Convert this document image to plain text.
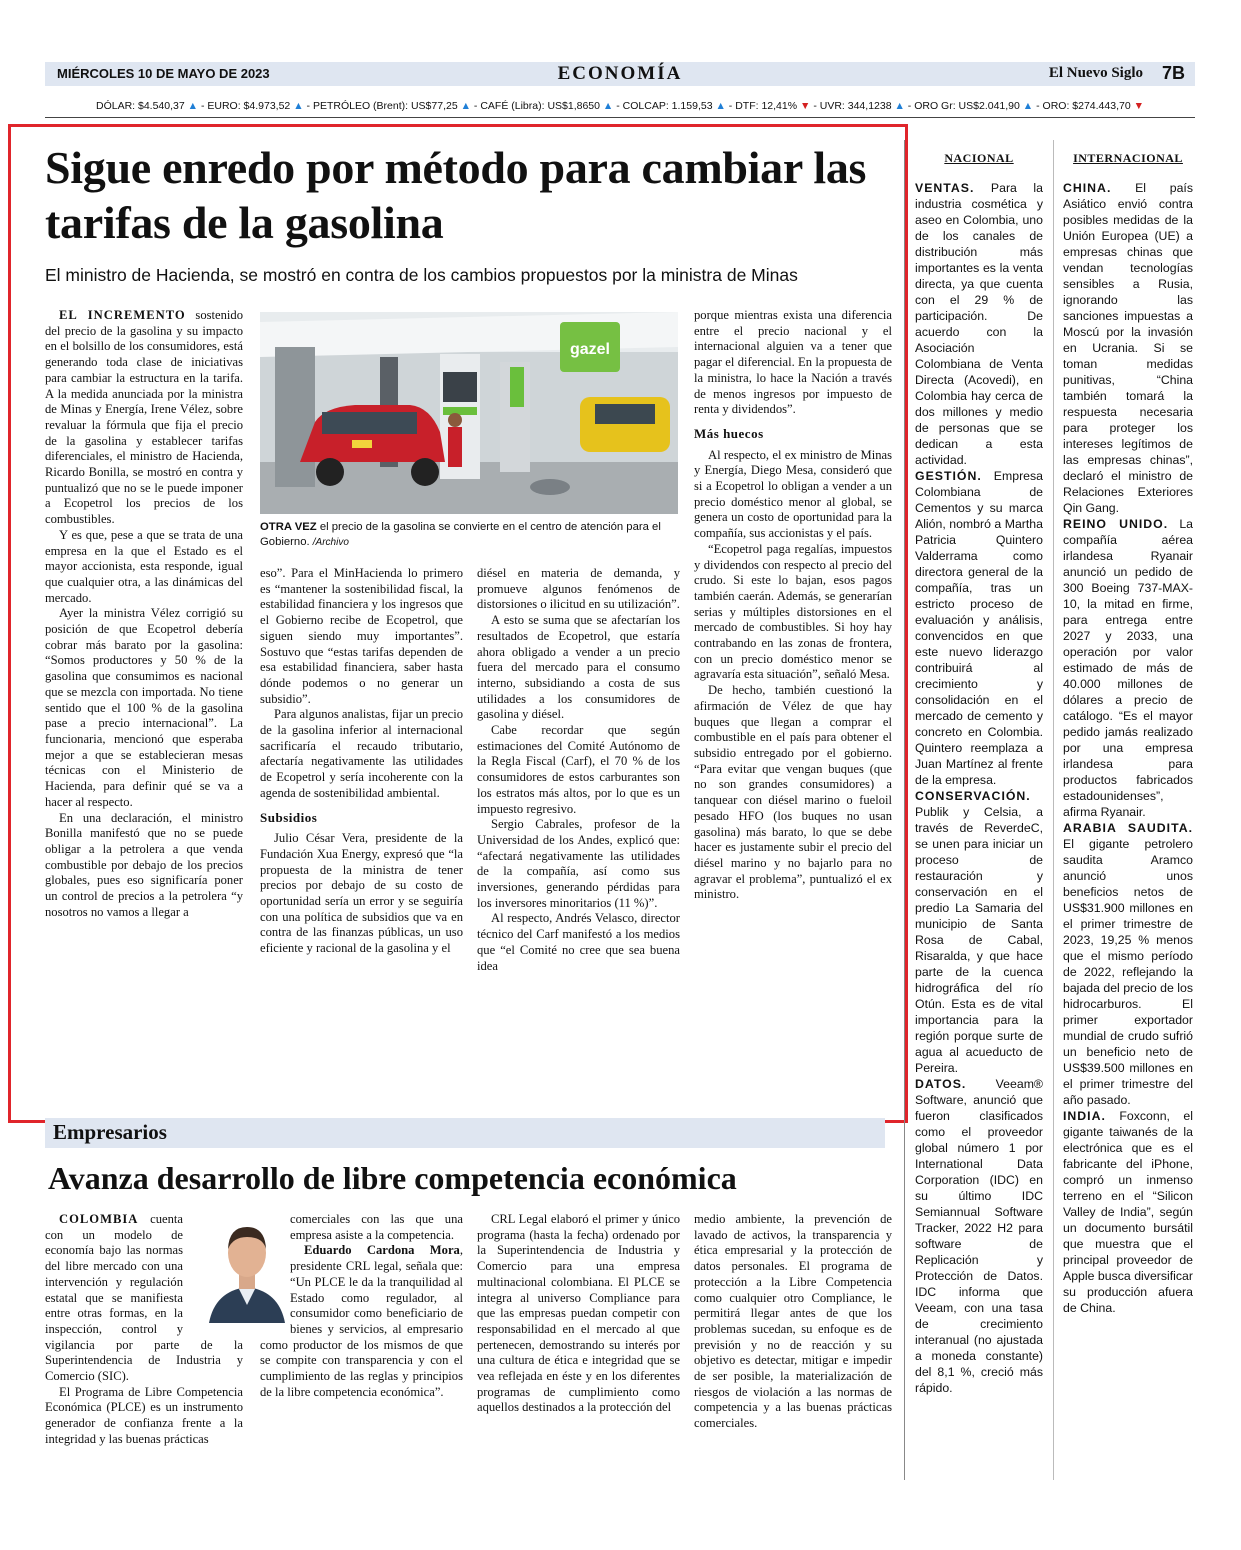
MIÉRCOLES 10 DE MAYO DE 2023	ECONOMÍA	El Nuevo Siglo 7B
DÓLAR: $4.540,37 ▲ - EURO: $4.973,52 ▲ - PETRÓLEO (Brent): US$77,25 ▲ - CAFÉ (Libra): US$1,8650 ▲ - COLCAP: 1.159,53 ▲ - DTF: 12,41% ▼ - UVR: 344,1238 ▲ - ORO Gr: US$2.041,90 ▲ - ORO: $274.443,70 ▼
Sigue enredo por método para cambiar las tarifas de la gasolina
El ministro de Hacienda, se mostró en contra de los cambios propuestos por la ministra de Minas

EL INCREMENTO sostenido del precio de la gasolina y su impacto en el bolsillo de los consumidores, está generando toda clase de iniciativas para cambiar la estructura en la tarifa. A la medida anunciada por la ministra de Minas y Energía, Irene Vélez, sobre revaluar la fórmula que fija el precio de la gasolina y establecer tarifas diferenciales, el ministro de Hacienda, Ricardo Bonilla, se mostró en contra y puntualizó que no se le puede imponer a Ecopetrol los precios de los combustibles.

Y es que, pese a que se trata de una empresa en la que el Estado es el mayor accionista, esta responde, igual que cualquier otra, a las dinámicas del mercado.

Ayer la ministra Vélez corrigió su posición de que Ecopetrol debería cobrar más barato por la gasolina: “Somos productores y 50 % de la gasolina que consumimos es nacional que se mezcla con importada. No tiene sentido que el 100 % de la gasolina pase a precio internacional”. La funcionaria, mencionó que esperaba mejor a que se establecieran mesas técnicas con el Ministerio de Hacienda, para definir qué se va a hacer al respecto.

En una declaración, el ministro Bonilla manifestó que no se puede obligar a la petrolera a que venda combustible por debajo de los precios globales, pues eso significaría poner un control de precios a la petrolera “y nosotros no vamos a llegar a

gazel
OTRA VEZ el precio de la gasolina se convierte en el centro de atención para el Gobierno. /Archivo

eso”. Para el MinHacienda lo primero es “mantener la sostenibilidad fiscal, la estabilidad financiera y los ingresos que el Gobierno recibe de Ecopetrol, que siguen siendo muy importantes”. Sostuvo que “estas tarifas dependen de esa estabilidad financiera, saber hasta dónde podemos o no generar un subsidio”.

Para algunos analistas, fijar un precio de la gasolina inferior al internacional sacrificaría el recaudo tributario, afectaría negativamente las utilidades de Ecopetrol y sería incoherente con la agenda de sostenibilidad ambiental.

Subsidios

Julio César Vera, presidente de la Fundación Xua Energy, expresó que “la propuesta de la ministra de tener precios por debajo de su costo de oportunidad sería un error y se seguiría con una política de subsidios que va en contra de las finanzas públicas, un uso eficiente y racional de la gasolina y el

diésel en materia de demanda, y promueve algunos fenómenos de distorsiones o ilicitud en su utilización”.

A esto se suma que se afectarían los resultados de Ecopetrol, que estaría ahora obligado a vender a un precio fuera del mercado para el consumo interno, subsidiando a costa de sus utilidades a los consumidores de gasolina y diésel.

Cabe recordar que según estimaciones del Comité Autónomo de la Regla Fiscal (Carf), el 70 % de los consumidores de estos carburantes son los estratos más altos, por lo que es un impuesto regresivo.

Sergio Cabrales, profesor de la Universidad de los Andes, explicó que: “afectará negativamente las utilidades de la compañía, así como sus inversiones, generando pérdidas para los inversores minoritarios (11 %)”.

Al respecto, Andrés Velasco, director técnico del Carf manifestó a los medios que “el Comité no cree que sea buena idea

porque mientras exista una diferencia entre el precio nacional y el internacional alguien va a tener que pagar el diferencial. En la propuesta de la ministra, lo hace la Nación a través de menos ingresos por impuesto de renta y dividendos”.

Más huecos

Al respecto, el ex ministro de Minas y Energía, Diego Mesa, consideró que si a Ecopetrol lo obligan a vender a un precio doméstico menor al global, se genera un costo de oportunidad para la compañía, sus accionistas y el país.

“Ecopetrol paga regalías, impuestos y dividendos con respecto al precio del crudo. Si este lo bajan, esos pagos también caerán. Además, se generarían serias y múltiples distorsiones en el mercado de combustibles. Si hoy hay contrabando en las zonas de frontera, con un precio doméstico menor se agravaría esta situación”, señaló Mesa.

De hecho, también cuestionó la afirmación de Vélez de que hay buques que llegan a comprar el combustible en el país para obtener el subsidio entregado por el gobierno. “Para evitar que vengan buques (que no son grandes consumidores) a tanquear con diésel marino o fueloil pesado HFO (los buques no usan gasolina) más barato, lo que se debe hacer es justamente subir el precio del diésel marino y no bajarlo para no agravar el problema”, puntualizó el ex ministro.

NACIONAL

VENTAS. Para la industria cosmética y aseo en Colombia, uno de los canales de distribución más importantes es la venta directa, ya que cuenta con el 29 % de participación. De acuerdo con la Asociación Colombiana de Venta Directa (Acovedi), en Colombia hay cerca de dos millones y medio de personas que se dedican a esta actividad.

GESTIÓN. Empresa Colombiana de Cementos y su marca Alión, nombró a Martha Patricia Quintero Valderrama como directora general de la compañía, tras un estricto proceso de evaluación y análisis, convencidos en que este nuevo liderazgo contribuirá al crecimiento y consolidación en el mercado de cemento y concreto en Colombia. Quintero reemplaza a Juan Martínez al frente de la empresa.

CONSERVACIÓN. Publik y Celsia, a través de ReverdeC, se unen para iniciar un proceso de restauración y conservación en el predio La Samaria del municipio de Santa Rosa de Cabal, Risaralda, y que hace parte de la cuenca hidrográfica del río Otún. Esta es de vital importancia para la región porque surte de agua al acueducto de Pereira.

DATOS. Veeam® Software, anunció que fueron clasificados como el proveedor global número 1 por International Data Corporation (IDC) en su último IDC Semiannual Software Tracker, 2022 H2 para software de Replicación y Protección de Datos. IDC informa que Veeam, con una tasa de crecimiento interanual (no ajustada a moneda constante) del 8,1 %, creció más rápido.

INTERNACIONAL

CHINA. El país Asiático envió contra posibles medidas de la Unión Europea (UE) a empresas chinas que vendan tecnologías sensibles a Rusia, ignorando las sanciones impuestas a Moscú por la invasión en Ucrania. Si se toman medidas punitivas, “China también tomará la respuesta necesaria para proteger los intereses legítimos de las empresas chinas”, declaró el ministro de Relaciones Exteriores Qin Gang.

REINO UNIDO. La compañía aérea irlandesa Ryanair anunció un pedido de 300 Boeing 737-MAX-10, la mitad en firme, para entrega entre 2027 y 2033, una operación por valor estimado de más de 40.000 millones de dólares a precio de catálogo. “Es el mayor pedido jamás realizado por una empresa irlandesa para productos fabricados estadounidenses”, afirma Ryanair.

ARABIA SAUDITA. El gigante petrolero saudita Aramco anunció unos beneficios netos de US$31.900 millones en el primer trimestre de 2023, 19,25 % menos que el mismo período de 2022, reflejando la bajada del precio de los hidrocarburos. El primer exportador mundial de crudo sufrió un beneficio neto de US$39.500 millones en el primer trimestre del año pasado.

INDIA. Foxconn, el gigante taiwanés de la electrónica que es el fabricante del iPhone, compró un inmenso terreno en el “Silicon Valley de India”, según un documento bursátil que muestra que el principal proveedor de Apple busca diversificar su producción afuera de China.

Empresarios
Avanza desarrollo de libre competencia económica

COLOMBIA cuenta con un modelo de economía bajo las normas del libre mercado con una intervención y regulación estatal que se manifiesta entre otras formas, en la inspección, control y vigilancia por parte de la Superintendencia de Industria y Comercio (SIC).

El Programa de Libre Competencia Económica (PLCE) es un instrumento generador de confianza frente a la integridad y las buenas prácticas

comerciales con las que una empresa asiste a la competencia.

Eduardo Cardona Mora, presidente CRL legal, señala que: “Un PLCE le da la tranquilidad al Estado como regulador, al consumidor como beneficiario de bienes y servicios, al empresario como productor de los mismos de que se compite con transparencia y con el cumplimiento de las reglas y principios de la libre competencia económica”.

CRL Legal elaboró el primer y único programa (hasta la fecha) ordenado por la Superintendencia de Industria y Comercio para una empresa multinacional colombiana. El PLCE se integra al universo Compliance para que las empresas puedan competir con responsabilidad en el mercado al que pertenecen, demostrando su interés por una cultura de ética e integridad que se vea reflejada en éste y en los diferentes programas de cumplimiento como aquellos destinados a la protección del

medio ambiente, la prevención de lavado de activos, la transparencia y ética empresarial y la protección de datos personales. El programa de protección a la Libre Competencia como cualquier otro Compliance, le permitirá llegar antes de que los problemas sucedan, su enfoque es de previsión y no de reacción y su objetivo es detectar, mitigar e impedir de ser posible, la materialización de riesgos de violación a las normas de competencia y a las buenas prácticas comerciales.
